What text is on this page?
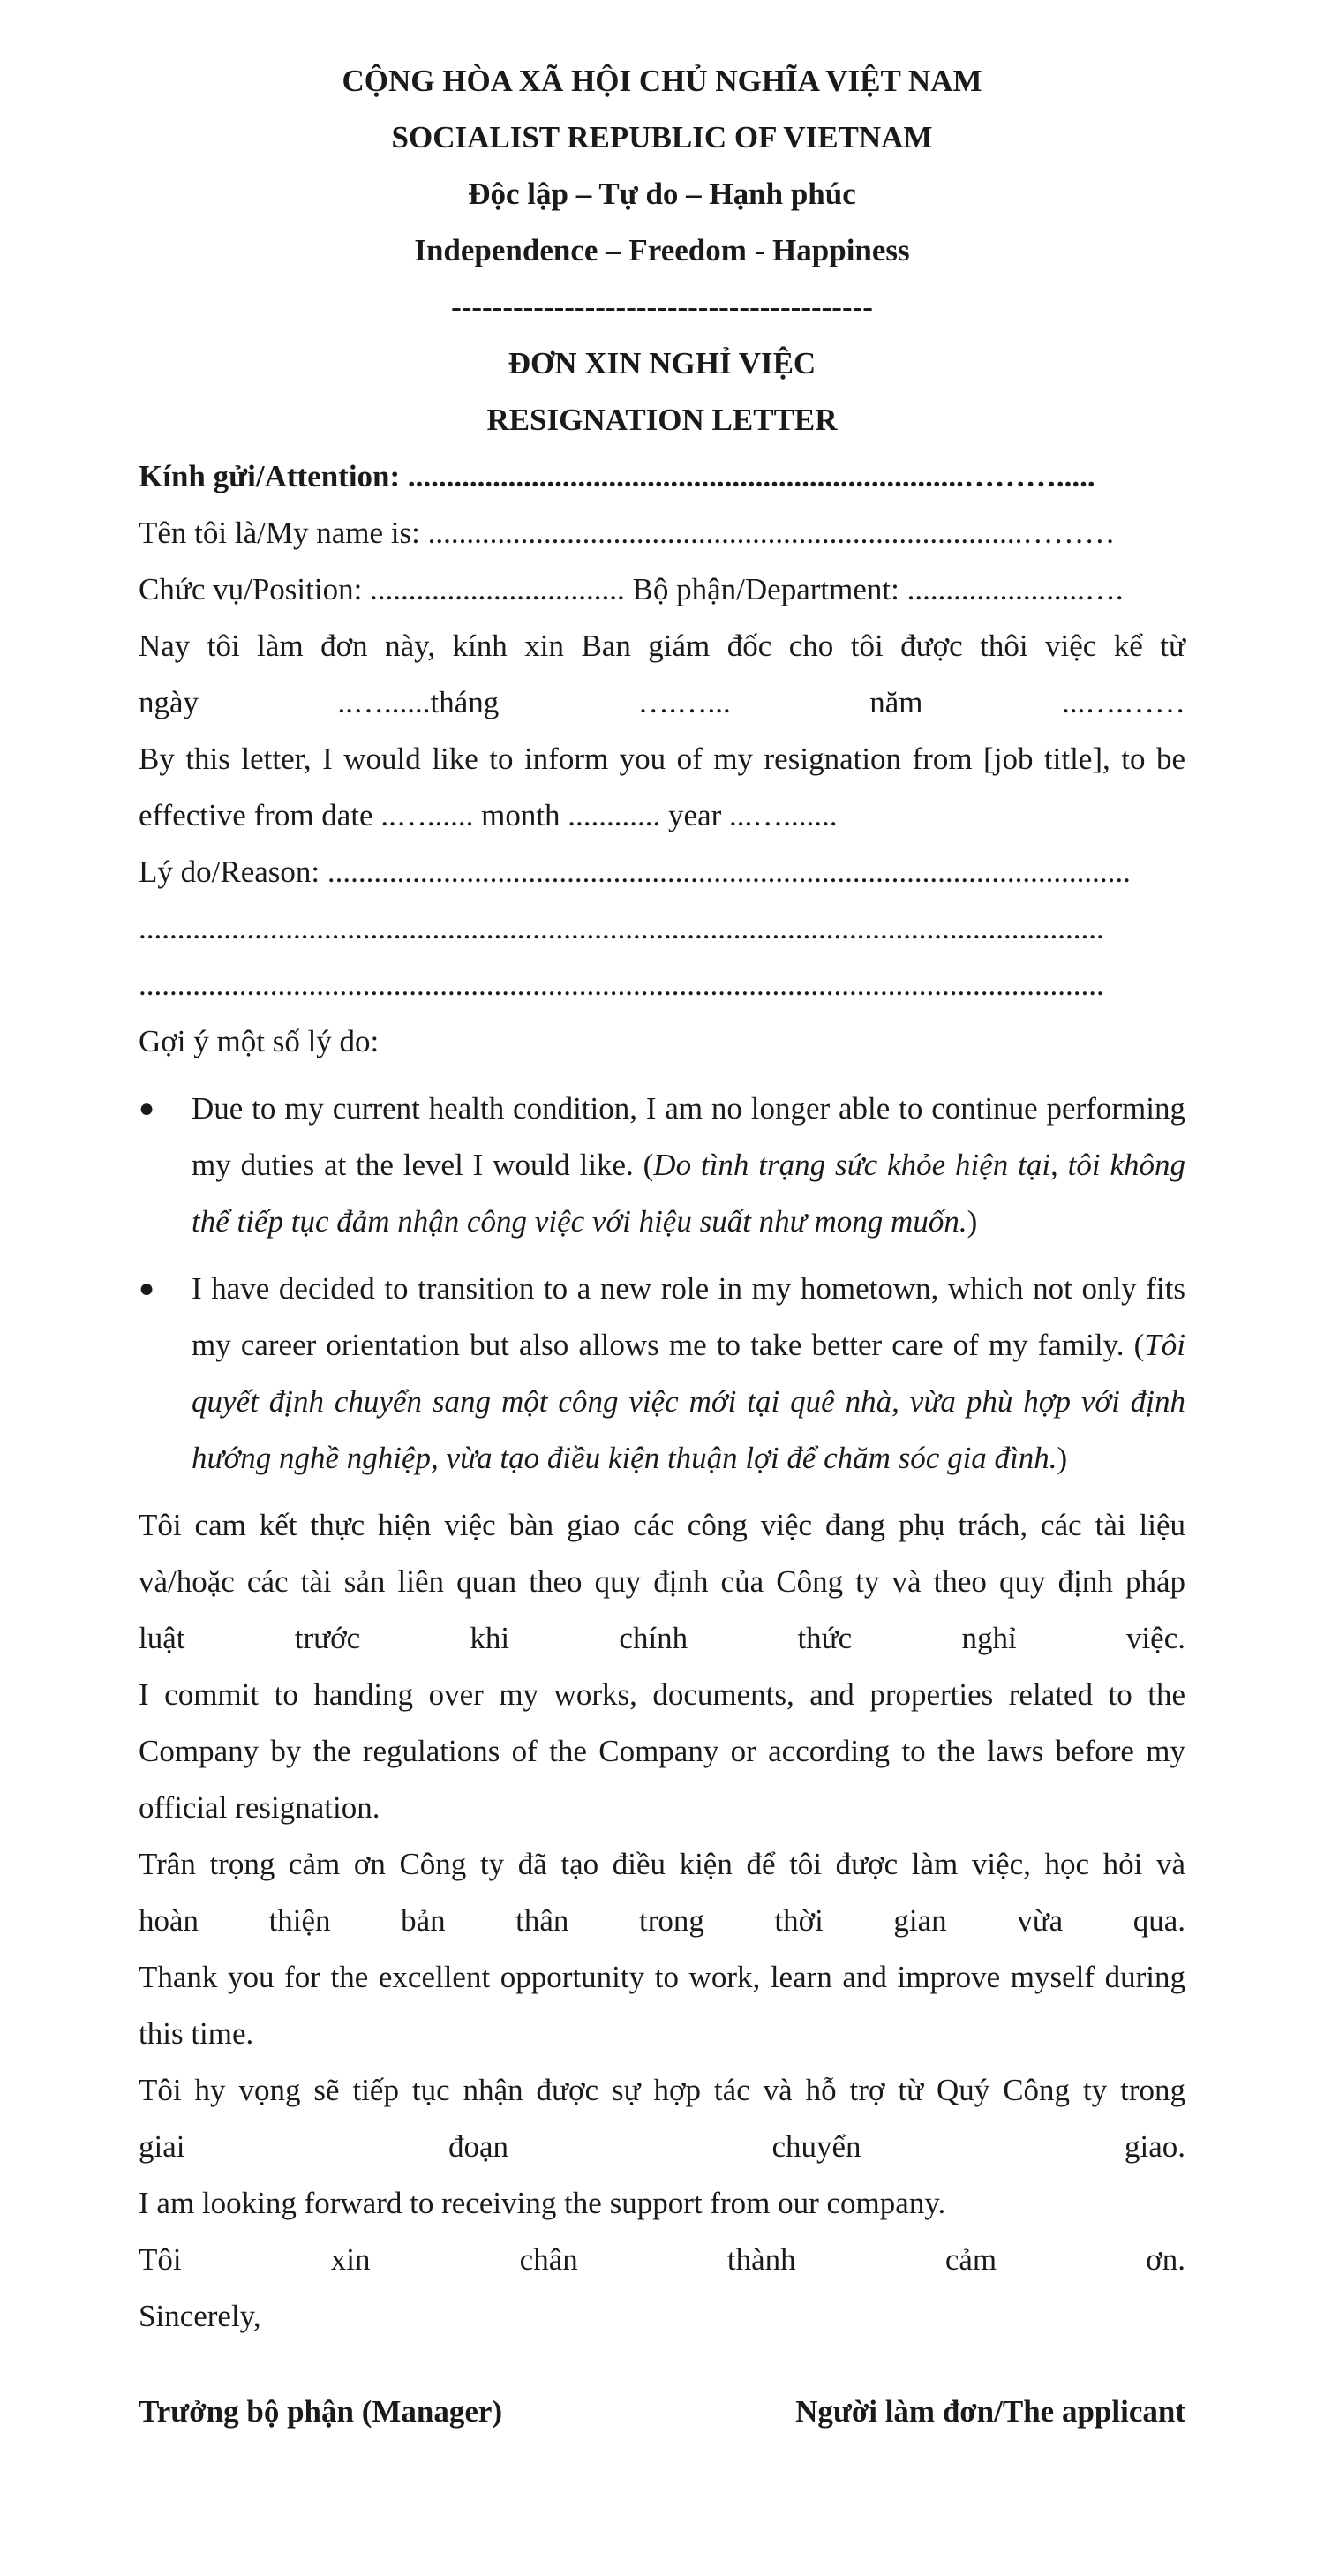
CỘNG HÒA XÃ HỘI CHỦ NGHĨA VIỆT NAM
SOCIALIST REPUBLIC OF VIETNAM
Độc lập – Tự do – Hạnh phúc
Independence – Freedom - Happiness
-----------------------------------------
ĐƠN XIN NGHỈ VIỆC
RESIGNATION LETTER
Kính gửi/Attention: ........................................................................……….....
Tên tôi là/My name is: .............................................................................………
Chức vụ/Position: ................................. Bộ phận/Department: .......................….
Nay tôi làm đơn này, kính xin Ban giám đốc cho tôi được thôi việc kể từ
ngày	..…......tháng	….…...	năm	...….……
By this letter, I would like to inform you of my resignation from [job title], to be effective from date ..…...... month ............ year ...….......
Lý do/Reason: ........................................................................................................
.............................................................................................................................
.............................................................................................................................
Gợi ý một số lý do:
● Due to my current health condition, I am no longer able to continue performing my duties at the level I would like. (Do tình trạng sức khỏe hiện tại, tôi không thể tiếp tục đảm nhận công việc với hiệu suất như mong muốn.)
● I have decided to transition to a new role in my hometown, which not only fits my career orientation but also allows me to take better care of my family. (Tôi quyết định chuyển sang một công việc mới tại quê nhà, vừa phù hợp với định hướng nghề nghiệp, vừa tạo điều kiện thuận lợi để chăm sóc gia đình.)
Tôi cam kết thực hiện việc bàn giao các công việc đang phụ trách, các tài liệu và/hoặc các tài sản liên quan theo quy định của Công ty và theo quy định pháp
luật	trước	khi	chính	thức	nghỉ	việc.
I commit to handing over my works, documents, and properties related to the Company by the regulations of the Company or according to the laws before my official resignation.
Trân trọng cảm ơn Công ty đã tạo điều kiện để tôi được làm việc, học hỏi và
hoàn thiện bản thân trong thời gian vừa qua.
Thank you for the excellent opportunity to work, learn and improve myself during this time.
Tôi hy vọng sẽ tiếp tục nhận được sự hợp tác và hỗ trợ từ Quý Công ty trong
giai	đoạn	chuyển	giao.
I am looking forward to receiving the support from our company.
Tôi	xin	chân	thành	cảm	ơn.
Sincerely,
Trưởng bộ phận (Manager)	Người làm đơn/The applicant
